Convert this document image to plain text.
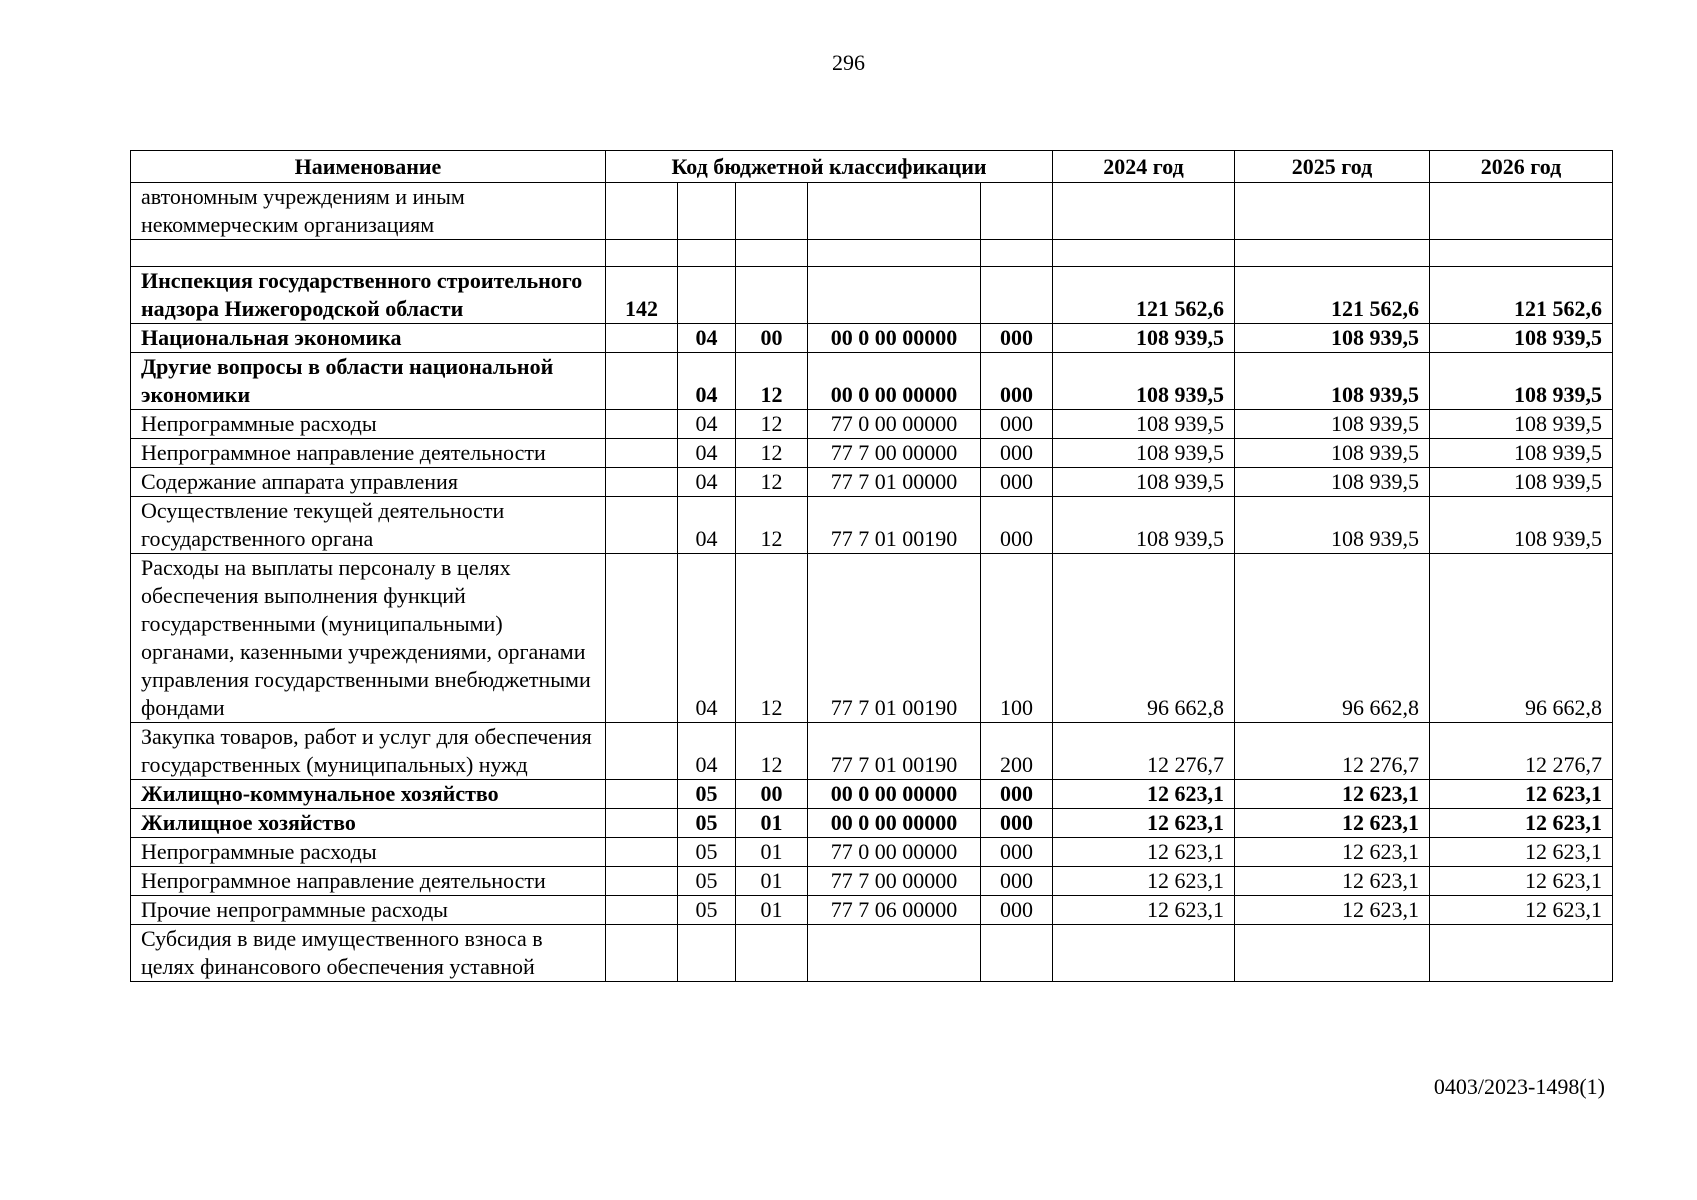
296
Наименование	Код бюджетной классификации					2024 год	2025 год	2026 год
автономным учреждениям и иным некоммерческим организациям								

Инспекция государственного строительного надзора Нижегородской области	142					121 562,6	121 562,6	121 562,6
Национальная экономика		04	00	00 0 00 00000	000	108 939,5	108 939,5	108 939,5
Другие вопросы в области национальной экономики		04	12	00 0 00 00000	000	108 939,5	108 939,5	108 939,5
Непрограммные расходы		04	12	77 0 00 00000	000	108 939,5	108 939,5	108 939,5
Непрограммное направление деятельности		04	12	77 7 00 00000	000	108 939,5	108 939,5	108 939,5
Содержание аппарата управления		04	12	77 7 01 00000	000	108 939,5	108 939,5	108 939,5
Осуществление текущей деятельности государственного органа		04	12	77 7 01 00190	000	108 939,5	108 939,5	108 939,5
Расходы на выплаты персоналу в целях обеспечения выполнения функций государственными (муниципальными) органами, казенными учреждениями, органами управления государственными внебюджетными фондами		04	12	77 7 01 00190	100	96 662,8	96 662,8	96 662,8
Закупка товаров, работ и услуг для обеспечения государственных (муниципальных) нужд		04	12	77 7 01 00190	200	12 276,7	12 276,7	12 276,7
Жилищно-коммунальное хозяйство		05	00	00 0 00 00000	000	12 623,1	12 623,1	12 623,1
Жилищное хозяйство		05	01	00 0 00 00000	000	12 623,1	12 623,1	12 623,1
Непрограммные расходы		05	01	77 0 00 00000	000	12 623,1	12 623,1	12 623,1
Непрограммное направление деятельности		05	01	77 7 00 00000	000	12 623,1	12 623,1	12 623,1
Прочие непрограммные расходы		05	01	77 7 06 00000	000	12 623,1	12 623,1	12 623,1
Субсидия в виде имущественного взноса в целях финансового обеспечения уставной								
0403/2023-1498(1)
